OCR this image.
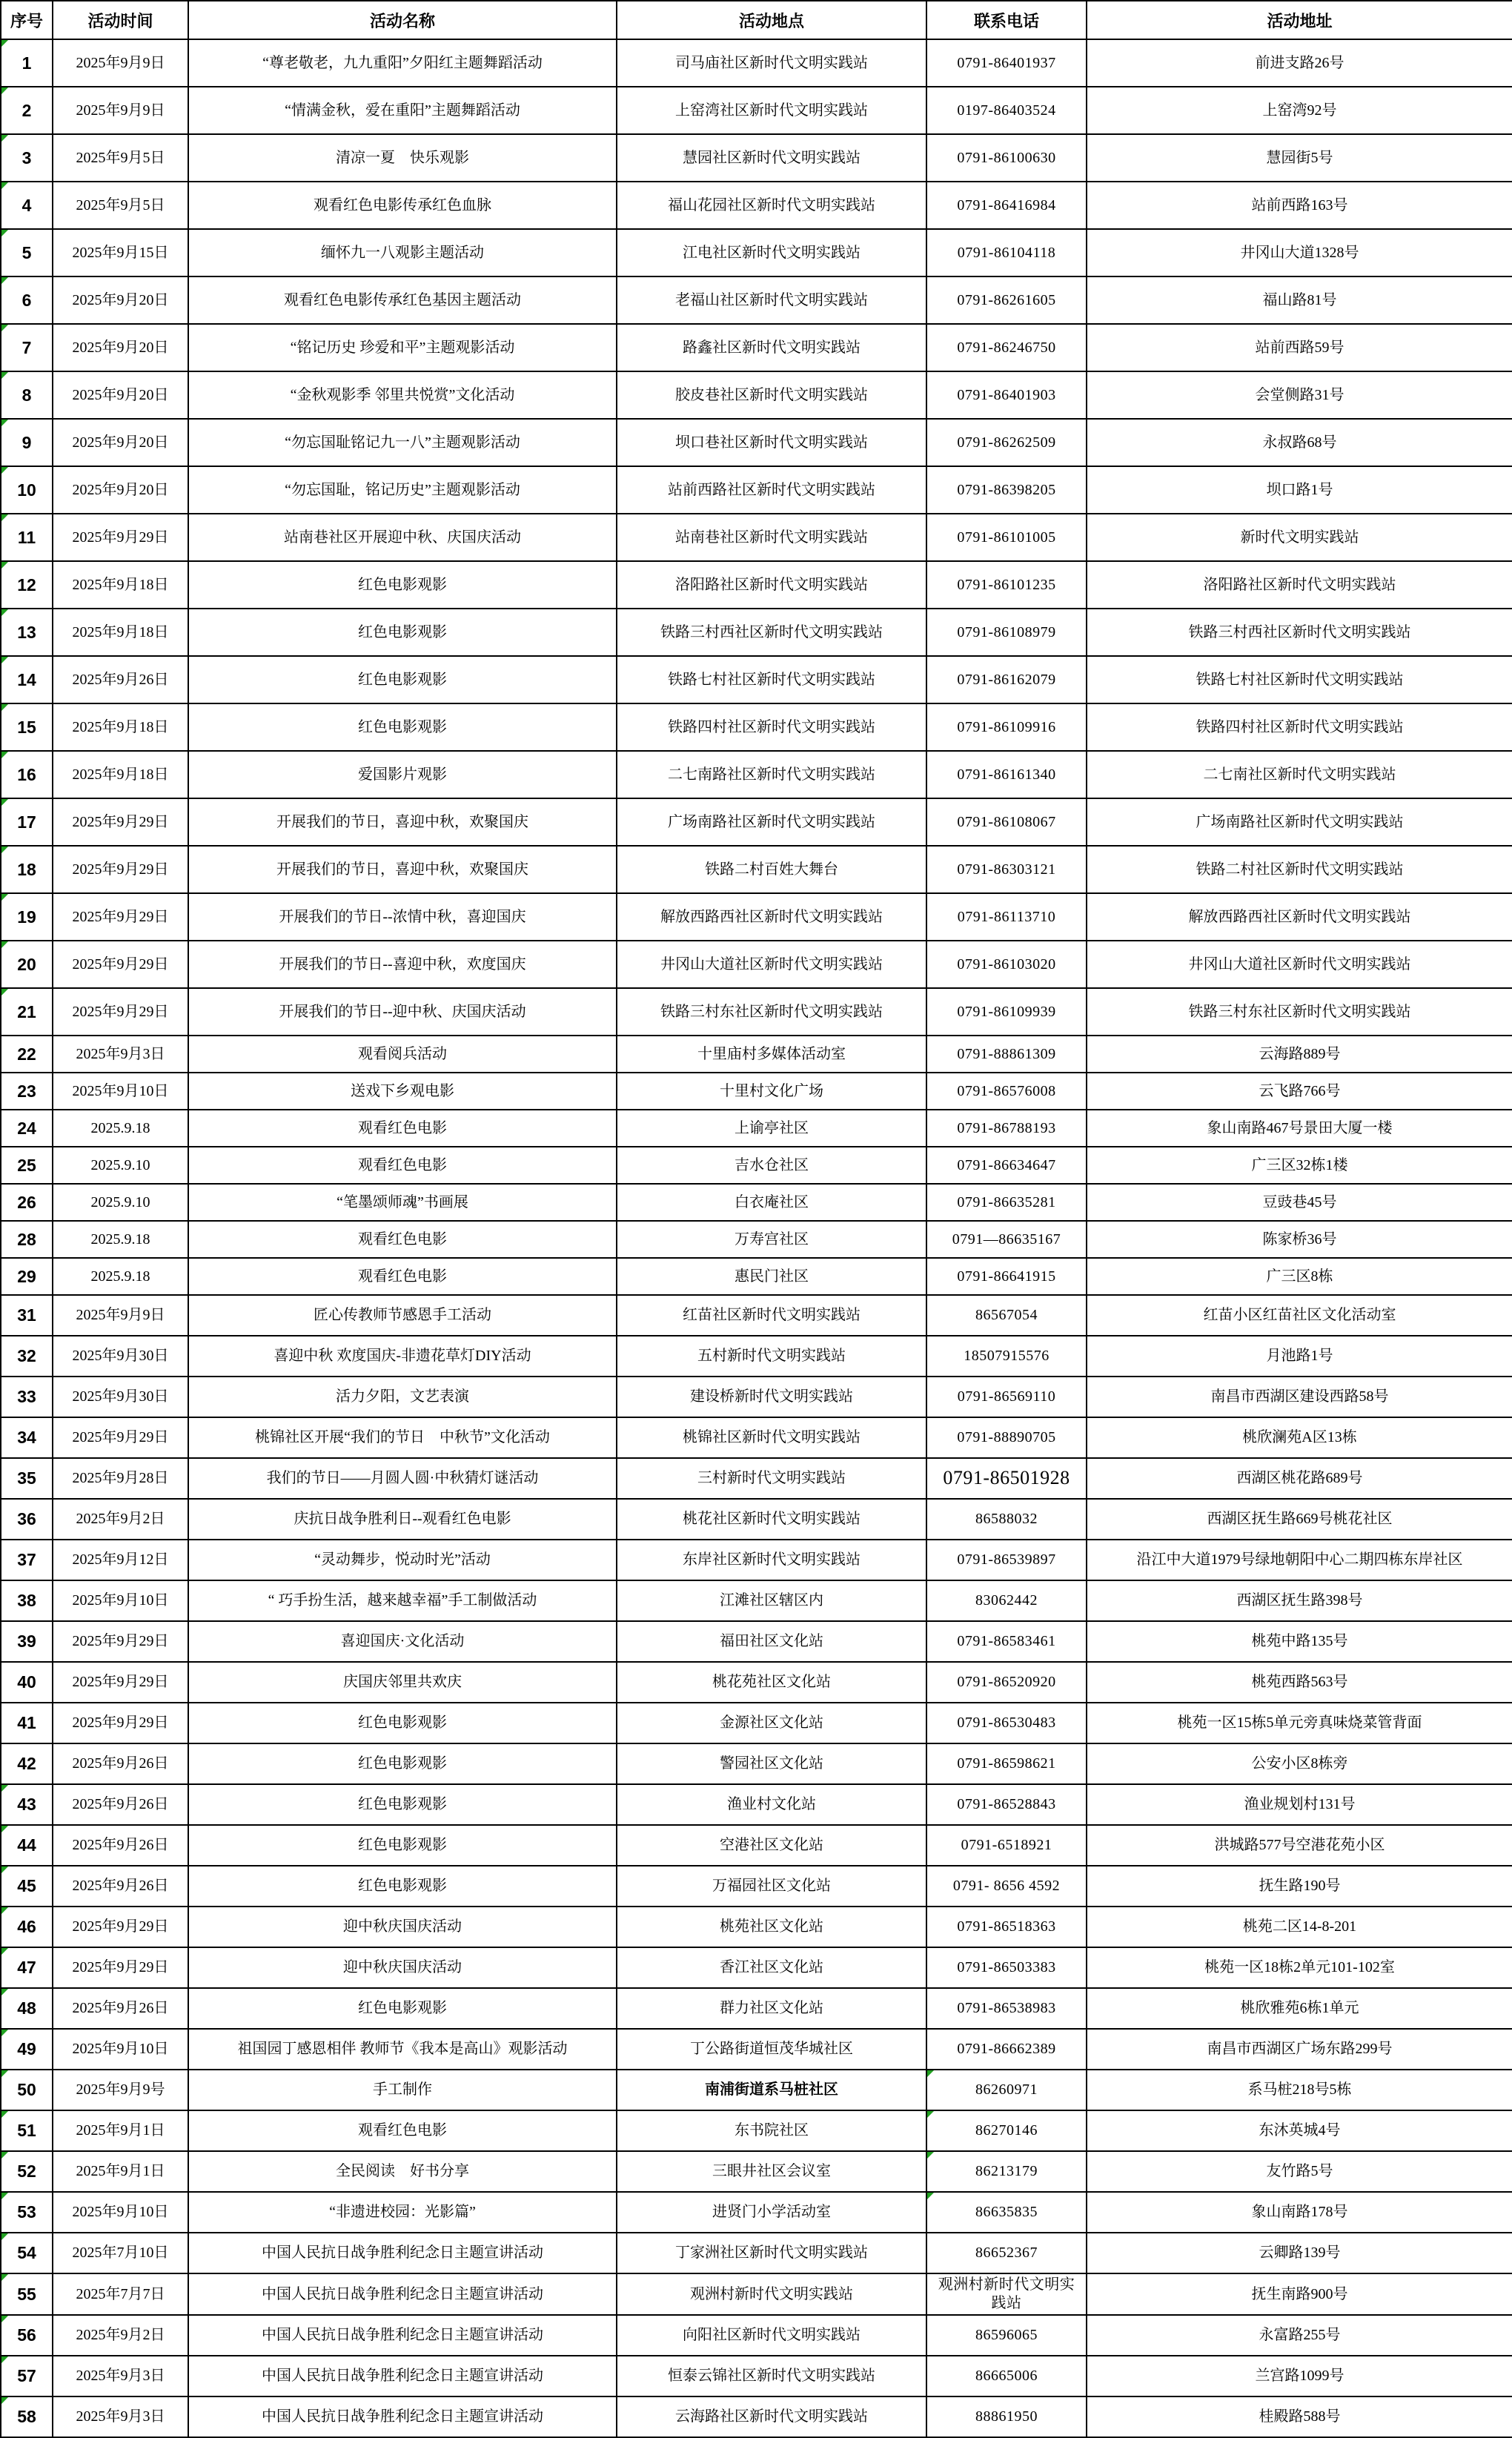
序号	活动时间	活动名称	活动地点	联系电话	活动地址
1	2025年9月9日	“尊老敬老，九九重阳”夕阳红主题舞蹈活动	司马庙社区新时代文明实践站	0791-86401937	前进支路26号
2	2025年9月9日	“情满金秋，爱在重阳”主题舞蹈活动	上窑湾社区新时代文明实践站	0197-86403524	上窑湾92号
3	2025年9月5日	清凉一夏　快乐观影	慧园社区新时代文明实践站	0791-86100630	慧园街5号
4	2025年9月5日	观看红色电影传承红色血脉	福山花园社区新时代文明实践站	0791-86416984	站前西路163号
5	2025年9月15日	缅怀九一八观影主题活动	江电社区新时代文明实践站	0791-86104118	井冈山大道1328号
6	2025年9月20日	观看红色电影传承红色基因主题活动	老福山社区新时代文明实践站	0791-86261605	福山路81号
7	2025年9月20日	“铭记历史 珍爱和平”主题观影活动	路鑫社区新时代文明实践站	0791-86246750	站前西路59号
8	2025年9月20日	“金秋观影季 邻里共悦赏”文化活动	胶皮巷社区新时代文明实践站	0791-86401903	会堂侧路31号
9	2025年9月20日	“勿忘国耻铭记九一八”主题观影活动	坝口巷社区新时代文明实践站	0791-86262509	永叔路68号
10	2025年9月20日	“勿忘国耻，铭记历史”主题观影活动	站前西路社区新时代文明实践站	0791-86398205	坝口路1号
11	2025年9月29日	站南巷社区开展迎中秋、庆国庆活动	站南巷社区新时代文明实践站	0791-86101005	新时代文明实践站
12	2025年9月18日	红色电影观影	洛阳路社区新时代文明实践站	0791-86101235	洛阳路社区新时代文明实践站
13	2025年9月18日	红色电影观影	铁路三村西社区新时代文明实践站	0791-86108979	铁路三村西社区新时代文明实践站
14	2025年9月26日	红色电影观影	铁路七村社区新时代文明实践站	0791-86162079	铁路七村社区新时代文明实践站
15	2025年9月18日	红色电影观影	铁路四村社区新时代文明实践站	0791-86109916	铁路四村社区新时代文明实践站
16	2025年9月18日	爱国影片观影	二七南路社区新时代文明实践站	0791-86161340	二七南社区新时代文明实践站
17	2025年9月29日	开展我们的节日，喜迎中秋，欢聚国庆	广场南路社区新时代文明实践站	0791-86108067	广场南路社区新时代文明实践站
18	2025年9月29日	开展我们的节日，喜迎中秋，欢聚国庆	铁路二村百姓大舞台	0791-86303121	铁路二村社区新时代文明实践站
19	2025年9月29日	开展我们的节日--浓情中秋，喜迎国庆	解放西路西社区新时代文明实践站	0791-86113710	解放西路西社区新时代文明实践站
20	2025年9月29日	开展我们的节日--喜迎中秋，欢度国庆	井冈山大道社区新时代文明实践站	0791-86103020	井冈山大道社区新时代文明实践站
21	2025年9月29日	开展我们的节日--迎中秋、庆国庆活动	铁路三村东社区新时代文明实践站	0791-86109939	铁路三村东社区新时代文明实践站
22	2025年9月3日	观看阅兵活动	十里庙村多媒体活动室	0791-88861309	云海路889号
23	2025年9月10日	送戏下乡观电影	十里村文化广场	0791-86576008	云飞路766号
24	2025.9.18	观看红色电影	上谕亭社区	0791-86788193	象山南路467号景田大厦一楼
25	2025.9.10	观看红色电影	吉水仓社区	0791-86634647	广三区32栋1楼
26	2025.9.10	“笔墨颂师魂”书画展	白衣庵社区	0791-86635281	豆豉巷45号
28	2025.9.18	观看红色电影	万寿宫社区	0791—86635167	陈家桥36号
29	2025.9.18	观看红色电影	惠民门社区	0791-86641915	广三区8栋
31	2025年9月9日	匠心传教师节感恩手工活动	红苗社区新时代文明实践站	86567054	红苗小区红苗社区文化活动室
32	2025年9月30日	喜迎中秋 欢度国庆-非遗花草灯DIY活动	五村新时代文明实践站	18507915576	月池路1号
33	2025年9月30日	活力夕阳，文艺表演	建设桥新时代文明实践站	0791-86569110	南昌市西湖区建设西路58号
34	2025年9月29日	桃锦社区开展“我们的节日　中秋节”文化活动	桃锦社区新时代文明实践站	0791-88890705	桃欣澜苑A区13栋
35	2025年9月28日	我们的节日——月圆人圆·中秋猜灯谜活动	三村新时代文明实践站	0791-86501928	西湖区桃花路689号
36	2025年9月2日	庆抗日战争胜利日--观看红色电影	桃花社区新时代文明实践站	86588032	西湖区抚生路669号桃花社区
37	2025年9月12日	“灵动舞步，悦动时光”活动	东岸社区新时代文明实践站	0791-86539897	沿江中大道1979号绿地朝阳中心二期四栋东岸社区
38	2025年9月10日	“ 巧手扮生活，越来越幸福”手工制做活动	江滩社区辖区内	83062442	西湖区抚生路398号
39	2025年9月29日	喜迎国庆·文化活动	福田社区文化站	0791-86583461	桃苑中路135号
40	2025年9月29日	庆国庆邻里共欢庆	桃花苑社区文化站	0791-86520920	桃苑西路563号
41	2025年9月29日	红色电影观影	金源社区文化站	0791-86530483	桃苑一区15栋5单元旁真味烧菜管背面
42	2025年9月26日	红色电影观影	警园社区文化站	0791-86598621	公安小区8栋旁
43	2025年9月26日	红色电影观影	渔业村文化站	0791-86528843	渔业规划村131号
44	2025年9月26日	红色电影观影	空港社区文化站	0791-6518921	洪城路577号空港花苑小区
45	2025年9月26日	红色电影观影	万福园社区文化站	0791- 8656 4592	抚生路190号
46	2025年9月29日	迎中秋庆国庆活动	桃苑社区文化站	0791-86518363	桃苑二区14-8-201
47	2025年9月29日	迎中秋庆国庆活动	香江社区文化站	0791-86503383	桃苑一区18栋2单元101-102室
48	2025年9月26日	红色电影观影	群力社区文化站	0791-86538983	桃欣雅苑6栋1单元
49	2025年9月10日	祖国园丁感恩相伴 教师节《我本是高山》观影活动	丁公路街道恒茂华城社区	0791-86662389	南昌市西湖区广场东路299号
50	2025年9月9号	手工制作	南浦街道系马桩社区	86260971	系马桩218号5栋
51	2025年9月1日	观看红色电影	东书院社区	86270146	东沐英城4号
52	2025年9月1日	全民阅读　好书分享	三眼井社区会议室	86213179	友竹路5号
53	2025年9月10日	“非遗进校园：光影篇”	进贤门小学活动室	86635835	象山南路178号
54	2025年7月10日	中国人民抗日战争胜利纪念日主题宣讲活动	丁家洲社区新时代文明实践站	86652367	云卿路139号
55	2025年7月7日	中国人民抗日战争胜利纪念日主题宣讲活动	观洲村新时代文明实践站	观洲村新时代文明实践站	抚生南路900号
56	2025年9月2日	中国人民抗日战争胜利纪念日主题宣讲活动	向阳社区新时代文明实践站	86596065	永富路255号
57	2025年9月3日	中国人民抗日战争胜利纪念日主题宣讲活动	恒泰云锦社区新时代文明实践站	86665006	兰宫路1099号
58	2025年9月3日	中国人民抗日战争胜利纪念日主题宣讲活动	云海路社区新时代文明实践站	88861950	桂殿路588号
